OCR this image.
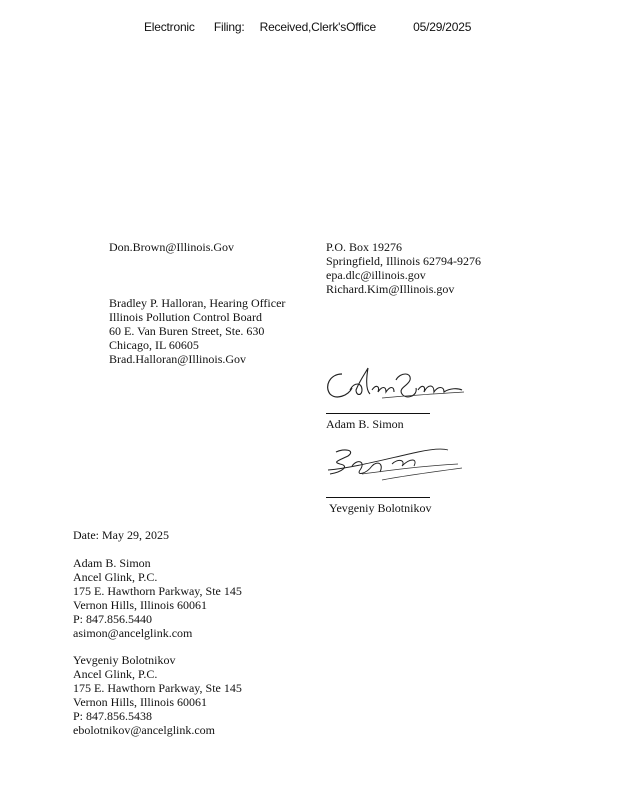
Electronic Filing: Received,Clerk'sOffice	05/29/2025
Don.Brown@Illinois.Gov	P.O. Box 19276
Springfield, Illinois 62794-9276
epa.dlc@illinois.gov
Richard.Kim@Illinois.gov
Bradley P. Halloran, Hearing Officer
Illinois Pollution Control Board
60 E. Van Buren Street, Ste. 630
Chicago, IL 60605
Brad.Halloran@Illinois.Gov
Adam B. Simon
Yevgeniy Bolotnikov
Date: May 29, 2025
Adam B. Simon
Ancel Glink, P.C.
175 E. Hawthorn Parkway, Ste 145
Vernon Hills, Illinois 60061
P: 847.856.5440
asimon@ancelglink.com
Yevgeniy Bolotnikov
Ancel Glink, P.C.
175 E. Hawthorn Parkway, Ste 145
Vernon Hills, Illinois 60061
P: 847.856.5438
ebolotnikov@ancelglink.com
